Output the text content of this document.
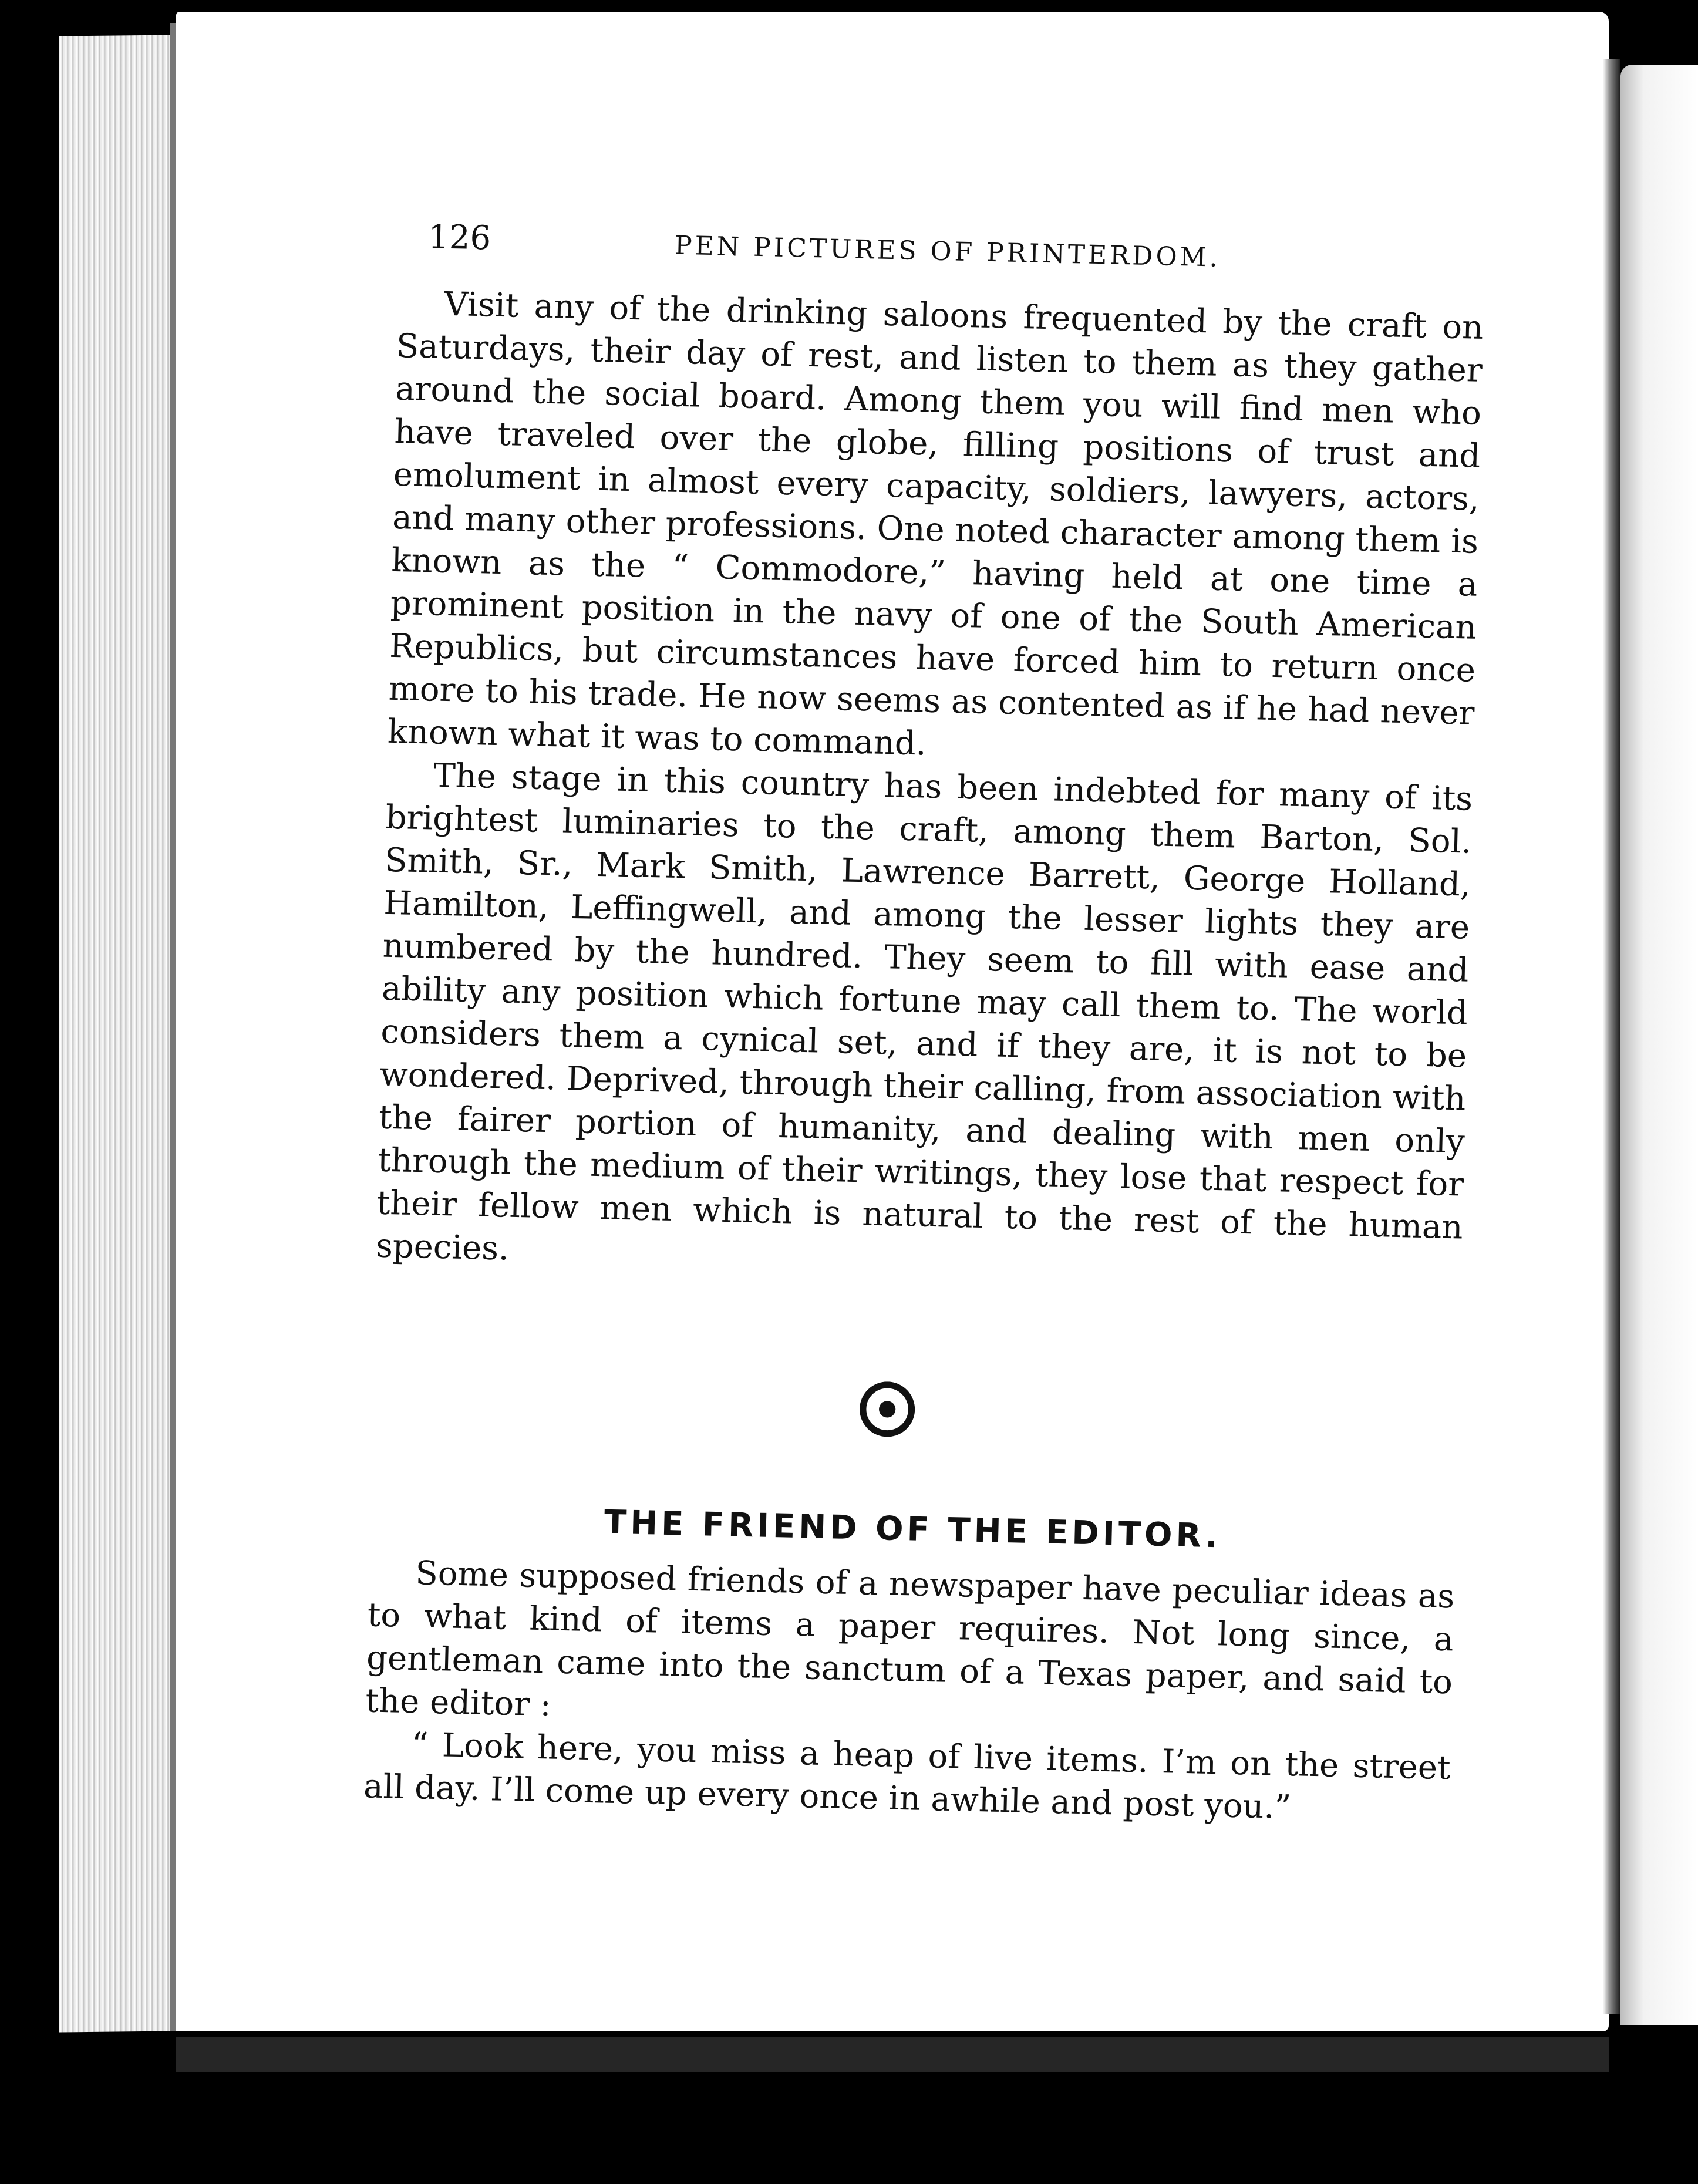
126	PEN PICTURES OF PRINTERDOM.

Visit any of the drinking saloons frequented by the craft on Saturdays, their day of rest, and listen to them as they gather around the social board. Among them you will find men who have traveled over the globe, filling positions of trust and emolument in almost every capacity, soldiers, lawyers, actors, and many other professions. One noted character among them is known as the “ Commodore,” having held at one time a prominent position in the navy of one of the South American Republics, but circumstances have forced him to return once more to his trade. He now seems as contented as if he had never known what it was to command.

The stage in this country has been indebted for many of its brightest luminaries to the craft, among them Barton, Sol. Smith, Sr., Mark Smith, Lawrence Barrett, George Holland, Hamilton, Leffingwell, and among the lesser lights they are numbered by the hundred. They seem to fill with ease and ability any position which fortune may call them to. The world considers them a cynical set, and if they are, it is not to be wondered. Deprived, through their calling, from association with the fairer portion of humanity, and dealing with men only through the medium of their writings, they lose that respect for their fellow men which is natural to the rest of the human species.

THE FRIEND OF THE EDITOR.

Some supposed friends of a newspaper have peculiar ideas as to what kind of items a paper requires. Not long since, a gentleman came into the sanctum of a Texas paper, and said to the editor :

“ Look here, you miss a heap of live items. I’m on the street all day. I’ll come up every once in awhile and post you.”
